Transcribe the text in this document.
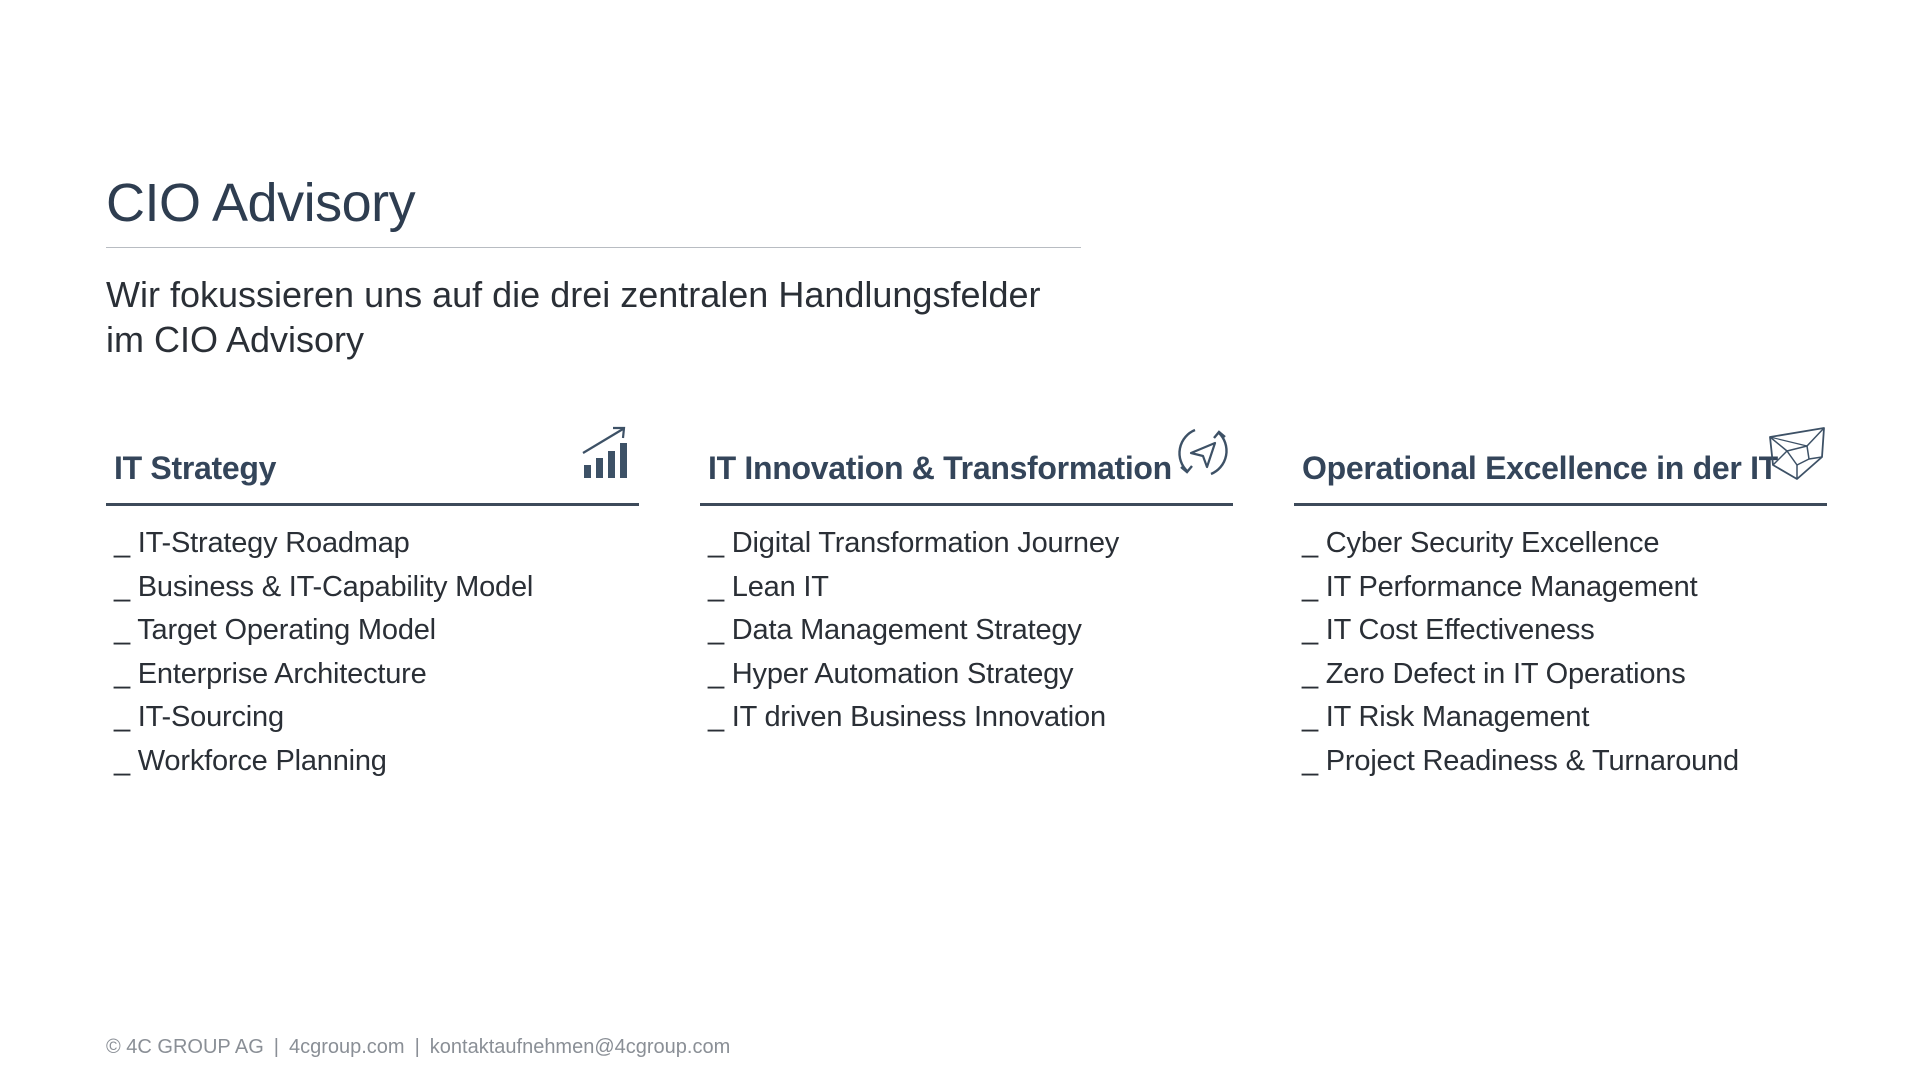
CIO Advisory

Wir fokussieren uns auf die drei zentralen Handlungsfelder
im CIO Advisory

IT Strategy
_ IT-Strategy Roadmap
_ Business & IT-Capability Model
_ Target Operating Model
_ Enterprise Architecture
_ IT-Sourcing
_ Workforce Planning
IT Innovation & Transformation
_ Digital Transformation Journey
_ Lean IT
_ Data Management Strategy
_ Hyper Automation Strategy
_ IT driven Business Innovation
Operational Excellence in der IT
_ Cyber Security Excellence
_ IT Performance Management
_ IT Cost Effectiveness
_ Zero Defect in IT Operations
_ IT Risk Management
_ Project Readiness & Turnaround
© 4C GROUP AG | 4cgroup.com | kontaktaufnehmen@4cgroup.com
